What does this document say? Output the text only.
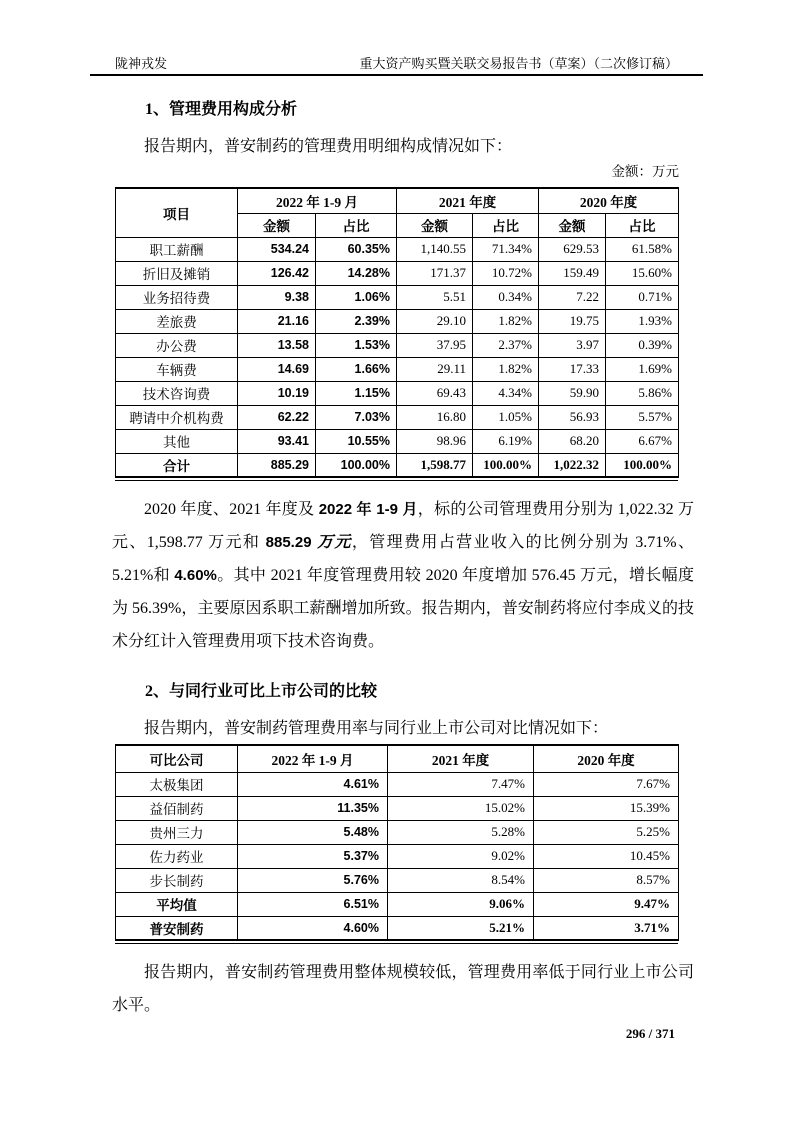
陇神戎发	重大资产购买暨关联交易报告书（草案）（二次修订稿）
1、管理费用构成分析

报告期内，普安制药的管理费用明细构成情况如下：

金额：万元
项目	2022 年 1-9 月		2021 年度		2020 年度	
	金额	占比	金额	占比	金额	占比
职工薪酬	534.24	60.35%	1,140.55	71.34%	629.53	61.58%
折旧及摊销	126.42	14.28%	171.37	10.72%	159.49	15.60%
业务招待费	9.38	1.06%	5.51	0.34%	7.22	0.71%
差旅费	21.16	2.39%	29.10	1.82%	19.75	1.93%
办公费	13.58	1.53%	37.95	2.37%	3.97	0.39%
车辆费	14.69	1.66%	29.11	1.82%	17.33	1.69%
技术咨询费	10.19	1.15%	69.43	4.34%	59.90	5.86%
聘请中介机构费	62.22	7.03%	16.80	1.05%	56.93	5.57%
其他	93.41	10.55%	98.96	6.19%	68.20	6.67%
合计	885.29	100.00%	1,598.77	100.00%	1,022.32	100.00%

2020 年度、2021 年度及 2022 年 1-9 月，标的公司管理费用分别为 1,022.32 万元、1,598.77 万元和 885.29 万元，管理费用占营业收入的比例分别为 3.71%、5.21%和 4.60%。其中 2021 年度管理费用较 2020 年度增加 576.45 万元，增长幅度为 56.39%，主要原因系职工薪酬增加所致。报告期内，普安制药将应付李成义的技术分红计入管理费用项下技术咨询费。

2、与同行业可比上市公司的比较

报告期内，普安制药管理费用率与同行业上市公司对比情况如下：

可比公司	2022 年 1-9 月	2021 年度	2020 年度
太极集团	4.61%	7.47%	7.67%
益佰制药	11.35%	15.02%	15.39%
贵州三力	5.48%	5.28%	5.25%
佐力药业	5.37%	9.02%	10.45%
步长制药	5.76%	8.54%	8.57%
平均值	6.51%	9.06%	9.47%
普安制药	4.60%	5.21%	3.71%

报告期内，普安制药管理费用整体规模较低，管理费用率低于同行业上市公司水平。

296 / 371
